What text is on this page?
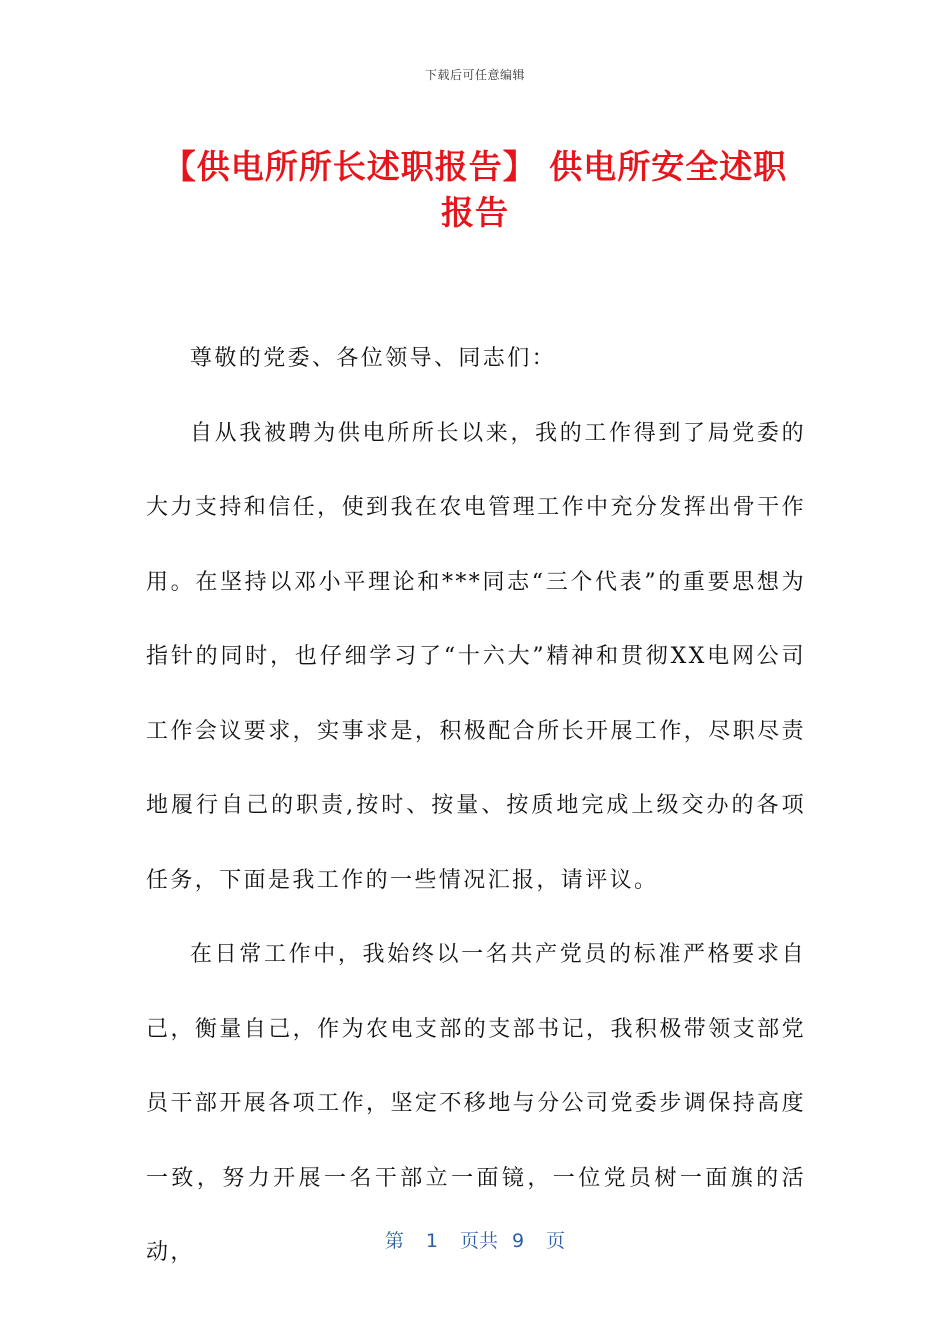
下载后可任意编辑
【供电所所长述职报告】 供电所安全述职报告

尊敬的党委、各位领导、同志们：

自从我被聘为供电所所长以来，我的工作得到了局党委的大力支持和信任，使到我在农电管理工作中充分发挥出骨干作用。在坚持以邓小平理论和***同志“三个代表”的重要思想为指针的同时，也仔细学习了“十六大”精神和贯彻XX电网公司工作会议要求，实事求是，积极配合所长开展工作，尽职尽责地履行自己的职责,按时、按量、按质地完成上级交办的各项任务，下面是我工作的一些情况汇报，请评议。

在日常工作中，我始终以一名共产党员的标准严格要求自己，衡量自己，作为农电支部的支部书记，我积极带领支部党员干部开展各项工作，坚定不移地与分公司党委步调保持高度一致，努力开展一名干部立一面镜，一位党员树一面旗的活动，	第 1 页共 9 页
